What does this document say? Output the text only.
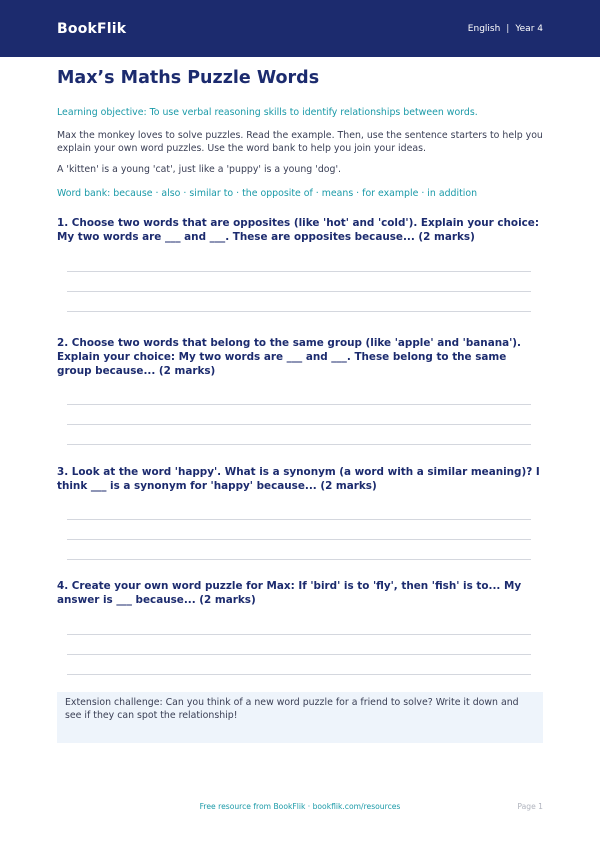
BookFlik	English | Year 4
Max’s Maths Puzzle Words
Learning objective: To use verbal reasoning skills to identify relationships between words.
Max the monkey loves to solve puzzles. Read the example. Then, use the sentence starters to help you explain your own word puzzles. Use the word bank to help you join your ideas.
A 'kitten' is a young 'cat', just like a 'puppy' is a young 'dog'.
Word bank: because · also · similar to · the opposite of · means · for example · in addition
1. Choose two words that are opposites (like 'hot' and 'cold'). Explain your choice: My two words are ___ and ___. These are opposites because... (2 marks)
2. Choose two words that belong to the same group (like 'apple' and 'banana'). Explain your choice: My two words are ___ and ___. These belong to the same group because... (2 marks)
3. Look at the word 'happy'. What is a synonym (a word with a similar meaning)? I think ___ is a synonym for 'happy' because... (2 marks)
4. Create your own word puzzle for Max: If 'bird' is to 'fly', then 'fish' is to... My answer is ___ because... (2 marks)
Extension challenge: Can you think of a new word puzzle for a friend to solve? Write it down and see if they can spot the relationship!
Free resource from BookFlik · bookflik.com/resources	Page 1
